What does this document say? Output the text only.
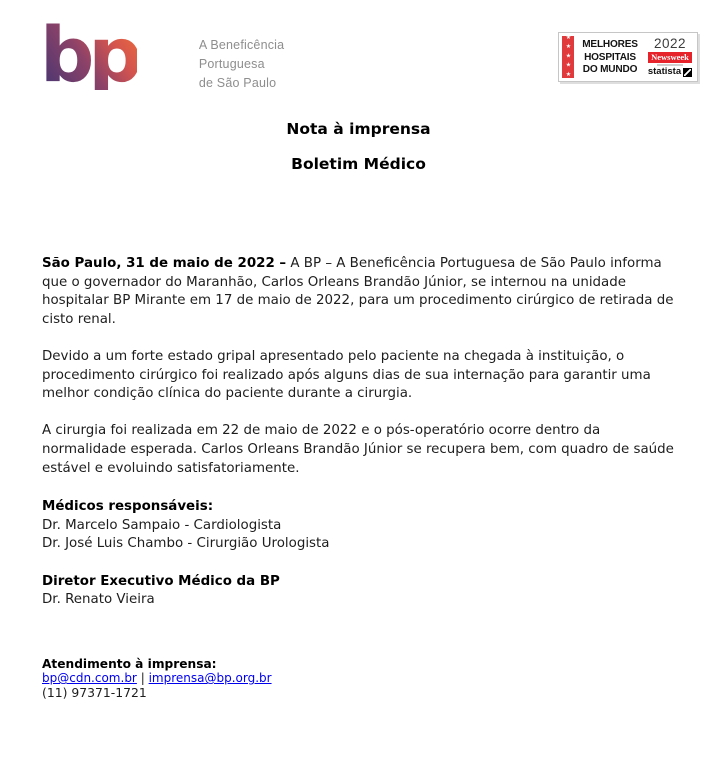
bp	A Beneficência
Portuguesa
de São Paulo
★★★★★ MELHORES
HOSPITAIS
DO MUNDO
2022
Newsweek
statista
Nota à imprensa
Boletim Médico

São Paulo, 31 de maio de 2022 – A BP – A Beneficência Portuguesa de São Paulo informa que o governador do Maranhão, Carlos Orleans Brandão Júnior, se internou na unidade hospitalar BP Mirante em 17 de maio de 2022, para um procedimento cirúrgico de retirada de cisto renal.

Devido a um forte estado gripal apresentado pelo paciente na chegada à instituição, o procedimento cirúrgico foi realizado após alguns dias de sua internação para garantir uma melhor condição clínica do paciente durante a cirurgia.

A cirurgia foi realizada em 22 de maio de 2022 e o pós-operatório ocorre dentro da normalidade esperada. Carlos Orleans Brandão Júnior se recupera bem, com quadro de saúde estável e evoluindo satisfatoriamente.

Médicos responsáveis:
Dr. Marcelo Sampaio - Cardiologista
Dr. José Luis Chambo - Cirurgião Urologista
Diretor Executivo Médico da BP
Dr. Renato Vieira
Atendimento à imprensa:
bp@cdn.com.br | imprensa@bp.org.br
(11) 97371-1721
